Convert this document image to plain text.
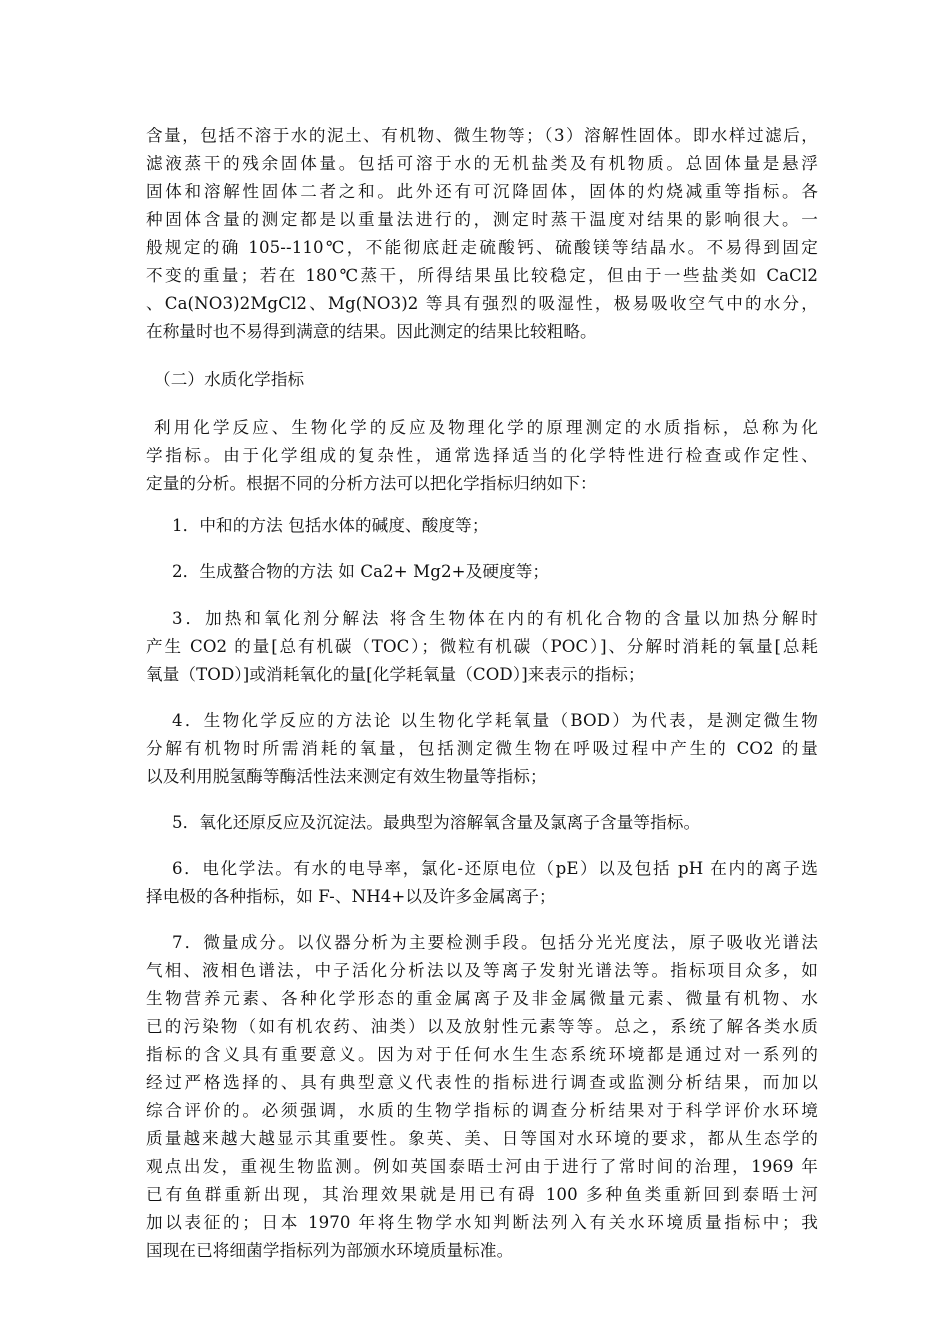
含量，包括不溶于水的泥土、有机物、微生物等；（3）溶解性固体。即水样过滤后，
滤液蒸干的残余固体量。包括可溶于水的无机盐类及有机物质。总固体量是悬浮
固体和溶解性固体二者之和。此外还有可沉降固体，固体的灼烧减重等指标。各
种固体含量的测定都是以重量法进行的，测定时蒸干温度对结果的影响很大。一
般规定的确 105--110℃，不能彻底赶走硫酸钙、硫酸镁等结晶水。不易得到固定
不变的重量；若在 180℃蒸干，所得结果虽比较稳定，但由于一些盐类如 CaCl2
、Ca(NO3)2MgCl2、Mg(NO3)2 等具有强烈的吸湿性，极易吸收空气中的水分，
在称量时也不易得到满意的结果。因此测定的结果比较粗略。
（二）水质化学指标
利用化学反应、生物化学的反应及物理化学的原理测定的水质指标，总称为化
学指标。由于化学组成的复杂性，通常选择适当的化学特性进行检查或作定性、
定量的分析。根据不同的分析方法可以把化学指标归纳如下：
1．中和的方法 包括水体的碱度、酸度等；
2．生成螯合物的方法 如 Ca2+ Mg2+及硬度等；
3．加热和氧化剂分解法 将含生物体在内的有机化合物的含量以加热分解时
产生 CO2 的量[总有机碳（TOC）；微粒有机碳（POC）]、分解时消耗的氧量[总耗
氧量（TOD）]或消耗氧化的量[化学耗氧量（COD）]来表示的指标；
4．生物化学反应的方法论 以生物化学耗氧量（BOD）为代表，是测定微生物
分解有机物时所需消耗的氧量，包括测定微生物在呼吸过程中产生的 CO2 的量
以及利用脱氢酶等酶活性法来测定有效生物量等指标；
5．氧化还原反应及沉淀法。最典型为溶解氧含量及氯离子含量等指标。
6．电化学法。有水的电导率，氯化-还原电位（pE）以及包括 pH 在内的离子选
择电极的各种指标，如 F-、NH4+以及许多金属离子；
7．微量成分。以仪器分析为主要检测手段。包括分光光度法，原子吸收光谱法
气相、液相色谱法，中子活化分析法以及等离子发射光谱法等。指标项目众多，如
生物营养元素、各种化学形态的重金属离子及非金属微量元素、微量有机物、水
已的污染物（如有机农药、油类）以及放射性元素等等。总之，系统了解各类水质
指标的含义具有重要意义。因为对于任何水生生态系统环境都是通过对一系列的
经过严格选择的、具有典型意义代表性的指标进行调查或监测分析结果，而加以
综合评价的。必须强调，水质的生物学指标的调查分析结果对于科学评价水环境
质量越来越大越显示其重要性。象英、美、日等国对水环境的要求，都从生态学的
观点出发，重视生物监测。例如英国泰晤士河由于进行了常时间的治理，1969 年
已有鱼群重新出现，其治理效果就是用已有碍 100 多种鱼类重新回到泰晤士河
加以表征的；日本 1970 年将生物学水知判断法列入有关水环境质量指标中；我
国现在已将细菌学指标列为部颁水环境质量标准。
